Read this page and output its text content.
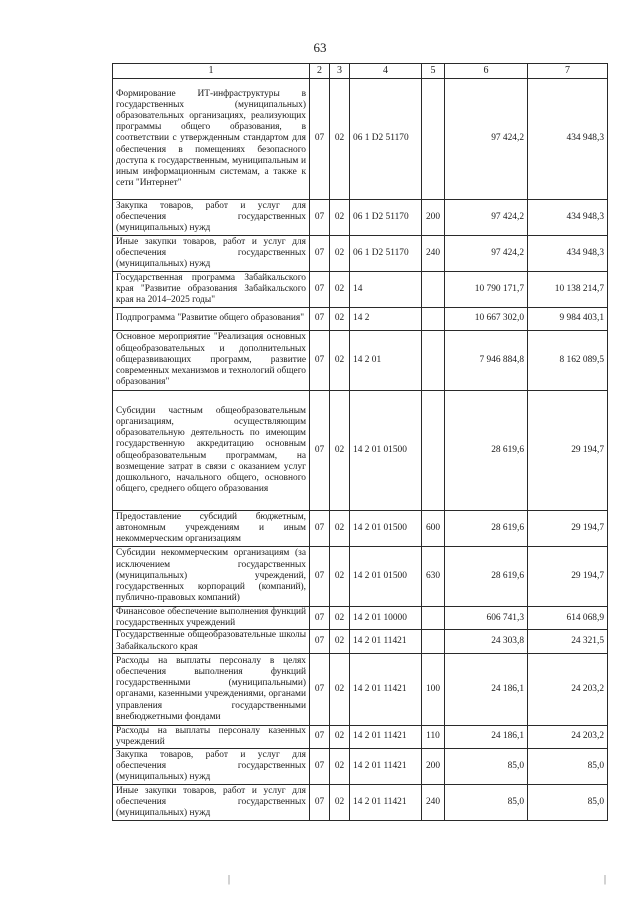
63
1	2	3	4	5	6	7
Формирование ИТ-инфраструктуры в государственных (муниципальных) образовательных организациях, реализующих программы общего образования, в соответствии с утвержденным стандартом для обеспечения в помещениях безопасного доступа к государственным, муниципальным и иным информационным системам, а также к сети "Интернет"	07	02	06 1 D2 51170		97 424,2	434 948,3
Закупка товаров, работ и услуг для обеспечения государственных (муниципальных) нужд	07	02	06 1 D2 51170	200	97 424,2	434 948,3
Иные закупки товаров, работ и услуг для обеспечения государственных (муниципальных) нужд	07	02	06 1 D2 51170	240	97 424,2	434 948,3
Государственная программа Забайкальского края "Развитие образования Забайкальского края на 2014–2025 годы"	07	02	14		10 790 171,7	10 138 214,7
Подпрограмма "Развитие общего образования"	07	02	14 2		10 667 302,0	9 984 403,1
Основное мероприятие "Реализация основных общеобразовательных и дополнительных общеразвивающих программ, развитие современных механизмов и технологий общего образования"	07	02	14 2 01		7 946 884,8	8 162 089,5
Субсидии частным общеобразовательным организациям, осуществляющим образовательную деятельность по имеющим государственную аккредитацию основным общеобразовательным программам, на возмещение затрат в связи с оказанием услуг дошкольного, начального общего, основного общего, среднего общего образования	07	02	14 2 01 01500		28 619,6	29 194,7
Предоставление субсидий бюджетным, автономным учреждениям и иным некоммерческим организациям	07	02	14 2 01 01500	600	28 619,6	29 194,7
Субсидии некоммерческим организациям (за исключением государственных (муниципальных) учреждений, государственных корпораций (компаний), публично-правовых компаний)	07	02	14 2 01 01500	630	28 619,6	29 194,7
Финансовое обеспечение выполнения функций государственных учреждений	07	02	14 2 01 10000		606 741,3	614 068,9
Государственные общеобразовательные школы Забайкальского края	07	02	14 2 01 11421		24 303,8	24 321,5
Расходы на выплаты персоналу в целях обеспечения выполнения функций государственными (муниципальными) органами, казенными учреждениями, органами управления государственными внебюджетными фондами	07	02	14 2 01 11421	100	24 186,1	24 203,2
Расходы на выплаты персоналу казенных учреждений	07	02	14 2 01 11421	110	24 186,1	24 203,2
Закупка товаров, работ и услуг для обеспечения государственных (муниципальных) нужд	07	02	14 2 01 11421	200	85,0	85,0
Иные закупки товаров, работ и услуг для обеспечения государственных (муниципальных) нужд	07	02	14 2 01 11421	240	85,0	85,0
|	|
